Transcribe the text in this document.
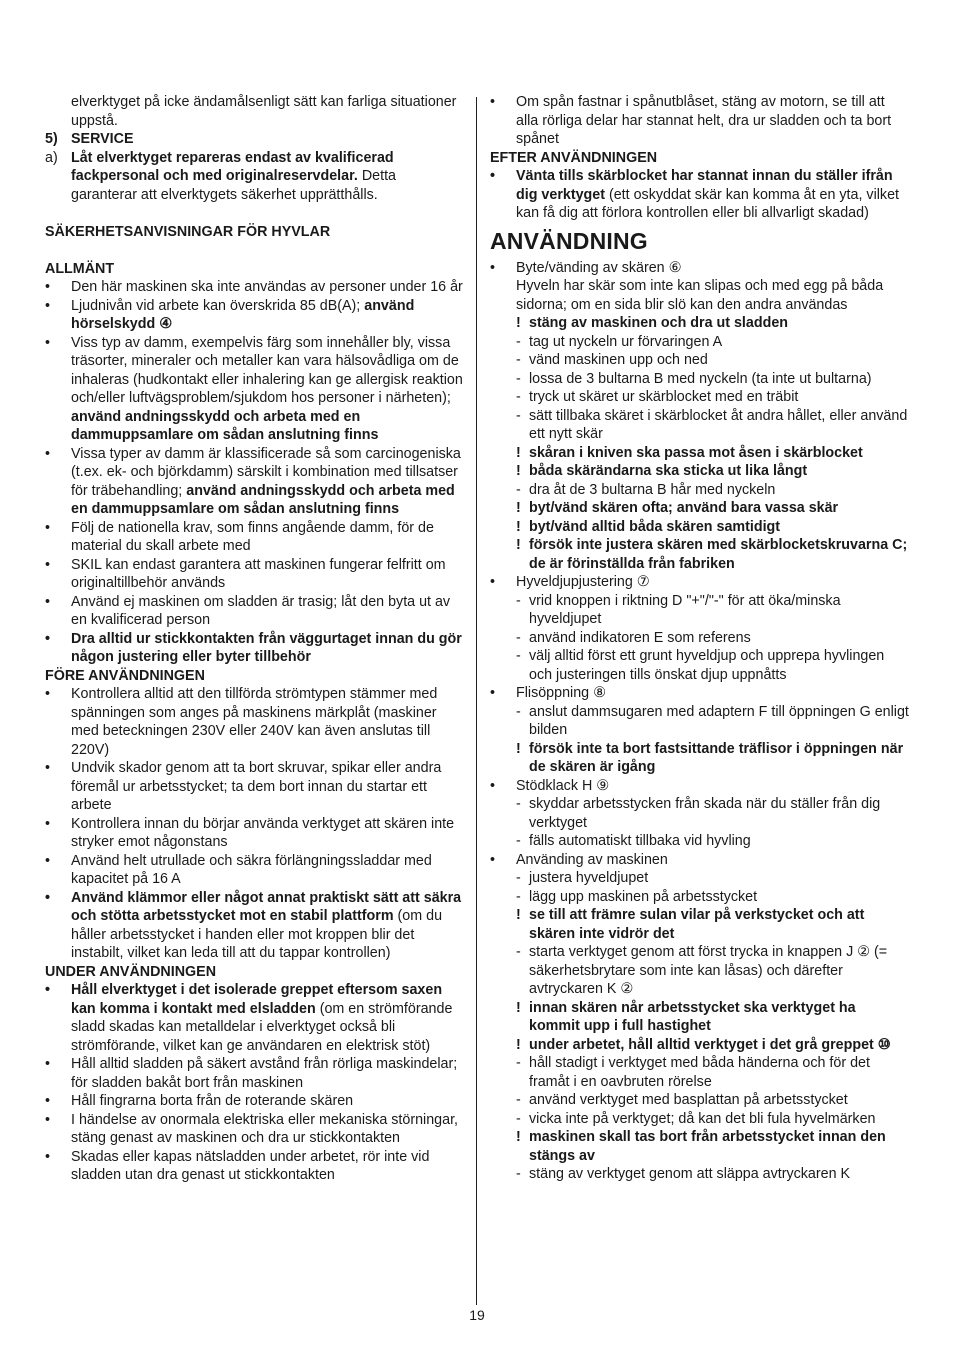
elverktyget på icke ändamålsenligt sätt kan farliga situationer uppstå.
5) SERVICE
a) Låt elverktyget repareras endast av kvalificerad fackpersonal och med originalreservdelar. Detta garanterar att elverktygets säkerhet upprätthålls.
SÄKERHETSANVISNINGAR FÖR HYVLAR
ALLMÄNT
• Den här maskinen ska inte användas av personer under 16 år
• Ljudnivån vid arbete kan överskrida 85 dB(A); använd hörselskydd ④
• Viss typ av damm, exempelvis färg som innehåller bly, vissa träsorter, mineraler och metaller kan vara hälsovådliga om de inhaleras (hudkontakt eller inhalering kan ge allergisk reaktion och/eller luftvägsproblem/sjukdom hos personer i närheten); använd andningsskydd och arbeta med en dammuppsamlare om sådan anslutning finns
• Vissa typer av damm är klassificerade så som carcinogeniska (t.ex. ek- och björkdamm) särskilt i kombination med tillsatser för träbehandling; använd andningsskydd och arbeta med en dammuppsamlare om sådan anslutning finns
• Följ de nationella krav, som finns angående damm, för de material du skall arbete med
• SKIL kan endast garantera att maskinen fungerar felfritt om originaltillbehör används
• Använd ej maskinen om sladden är trasig; låt den byta ut av en kvalificerad person
• Dra alltid ur stickkontakten från väggurtaget innan du gör någon justering eller byter tillbehör
FÖRE ANVÄNDNINGEN
• Kontrollera alltid att den tillförda strömtypen stämmer med spänningen som anges på maskinens märkplåt (maskiner med beteckningen 230V eller 240V kan även anslutas till 220V)
• Undvik skador genom att ta bort skruvar, spikar eller andra föremål ur arbetsstycket; ta dem bort innan du startar ett arbete
• Kontrollera innan du börjar använda verktyget att skären inte stryker emot någonstans
• Använd helt utrullade och säkra förlängningssladdar med kapacitet på 16 A
• Använd klämmor eller något annat praktiskt sätt att säkra och stötta arbetsstycket mot en stabil plattform (om du håller arbetsstycket i handen eller mot kroppen blir det instabilt, vilket kan leda till att du tappar kontrollen)
UNDER ANVÄNDNINGEN
• Håll elverktyget i det isolerade greppet eftersom saxen kan komma i kontakt med elsladden (om en strömförande sladd skadas kan metalldelar i elverktyget också bli strömförande, vilket kan ge användaren en elektrisk stöt)
• Håll alltid sladden på säkert avstånd från rörliga maskindelar; för sladden bakåt bort från maskinen
• Håll fingrarna borta från de roterande skären
• I händelse av onormala elektriska eller mekaniska störningar, stäng genast av maskinen och dra ur stickkontakten
• Skadas eller kapas nätsladden under arbetet, rör inte vid sladden utan dra genast ut stickkontakten
• Om spån fastnar i spånutblåset, stäng av motorn, se till att alla rörliga delar har stannat helt, dra ur sladden och ta bort spånet
EFTER ANVÄNDNINGEN
• Vänta tills skärblocket har stannat innan du ställer ifrån dig verktyget (ett oskyddat skär kan komma åt en yta, vilket kan få dig att förlora kontrollen eller bli allvarligt skadad)
ANVÄNDNING
• Byte/vänding av skären ⑥
Hyveln har skär som inte kan slipas och med egg på båda sidorna; om en sida blir slö kan den andra användas
! stäng av maskinen och dra ut sladden
- tag ut nyckeln ur förvaringen A
- vänd maskinen upp och ned
- lossa de 3 bultarna B med nyckeln (ta inte ut bultarna)
- tryck ut skäret ur skärblocket med en träbit
- sätt tillbaka skäret i skärblocket åt andra hållet, eller använd ett nytt skär
! skåran i kniven ska passa mot åsen i skärblocket
! båda skärändarna ska sticka ut lika långt
- dra åt de 3 bultarna B hår med nyckeln
! byt/vänd skären ofta; använd bara vassa skär
! byt/vänd alltid båda skären samtidigt
! försök inte justera skären med skärblocketskruvarna C; de är förinställda från fabriken
• Hyveldjupjustering ⑦
- vrid knoppen i riktning D "+"/"-" för att öka/minska hyveldjupet
- använd indikatoren E som referens
- välj alltid först ett grunt hyveldjup och upprepa hyvlingen och justeringen tills önskat djup uppnåtts
• Flisöppning ⑧
- anslut dammsugaren med adaptern F till öppningen G enligt bilden
! försök inte ta bort fastsittande träflisor i öppningen när de skären är igång
• Stödklack H ⑨
- skyddar arbetsstycken från skada när du ställer från dig verktyget
- fälls automatiskt tillbaka vid hyvling
• Använding av maskinen
- justera hyveldjupet
- lägg upp maskinen på arbetsstycket
! se till att främre sulan vilar på verkstycket och att skären inte vidrör det
- starta verktyget genom att först trycka in knappen J ② (= säkerhetsbrytare som inte kan låsas) och därefter avtryckaren K ②
! innan skären når arbetsstycket ska verktyget ha kommit upp i full hastighet
! under arbetet, håll alltid verktyget i det grå greppet ⑩
- håll stadigt i verktyget med båda händerna och för det framåt i en oavbruten rörelse
- använd verktyget med basplattan på arbetsstycket
- vicka inte på verktyget; då kan det bli fula hyvelmärken
! maskinen skall tas bort från arbetsstycket innan den stängs av
- stäng av verktyget genom att släppa avtryckaren K
19
